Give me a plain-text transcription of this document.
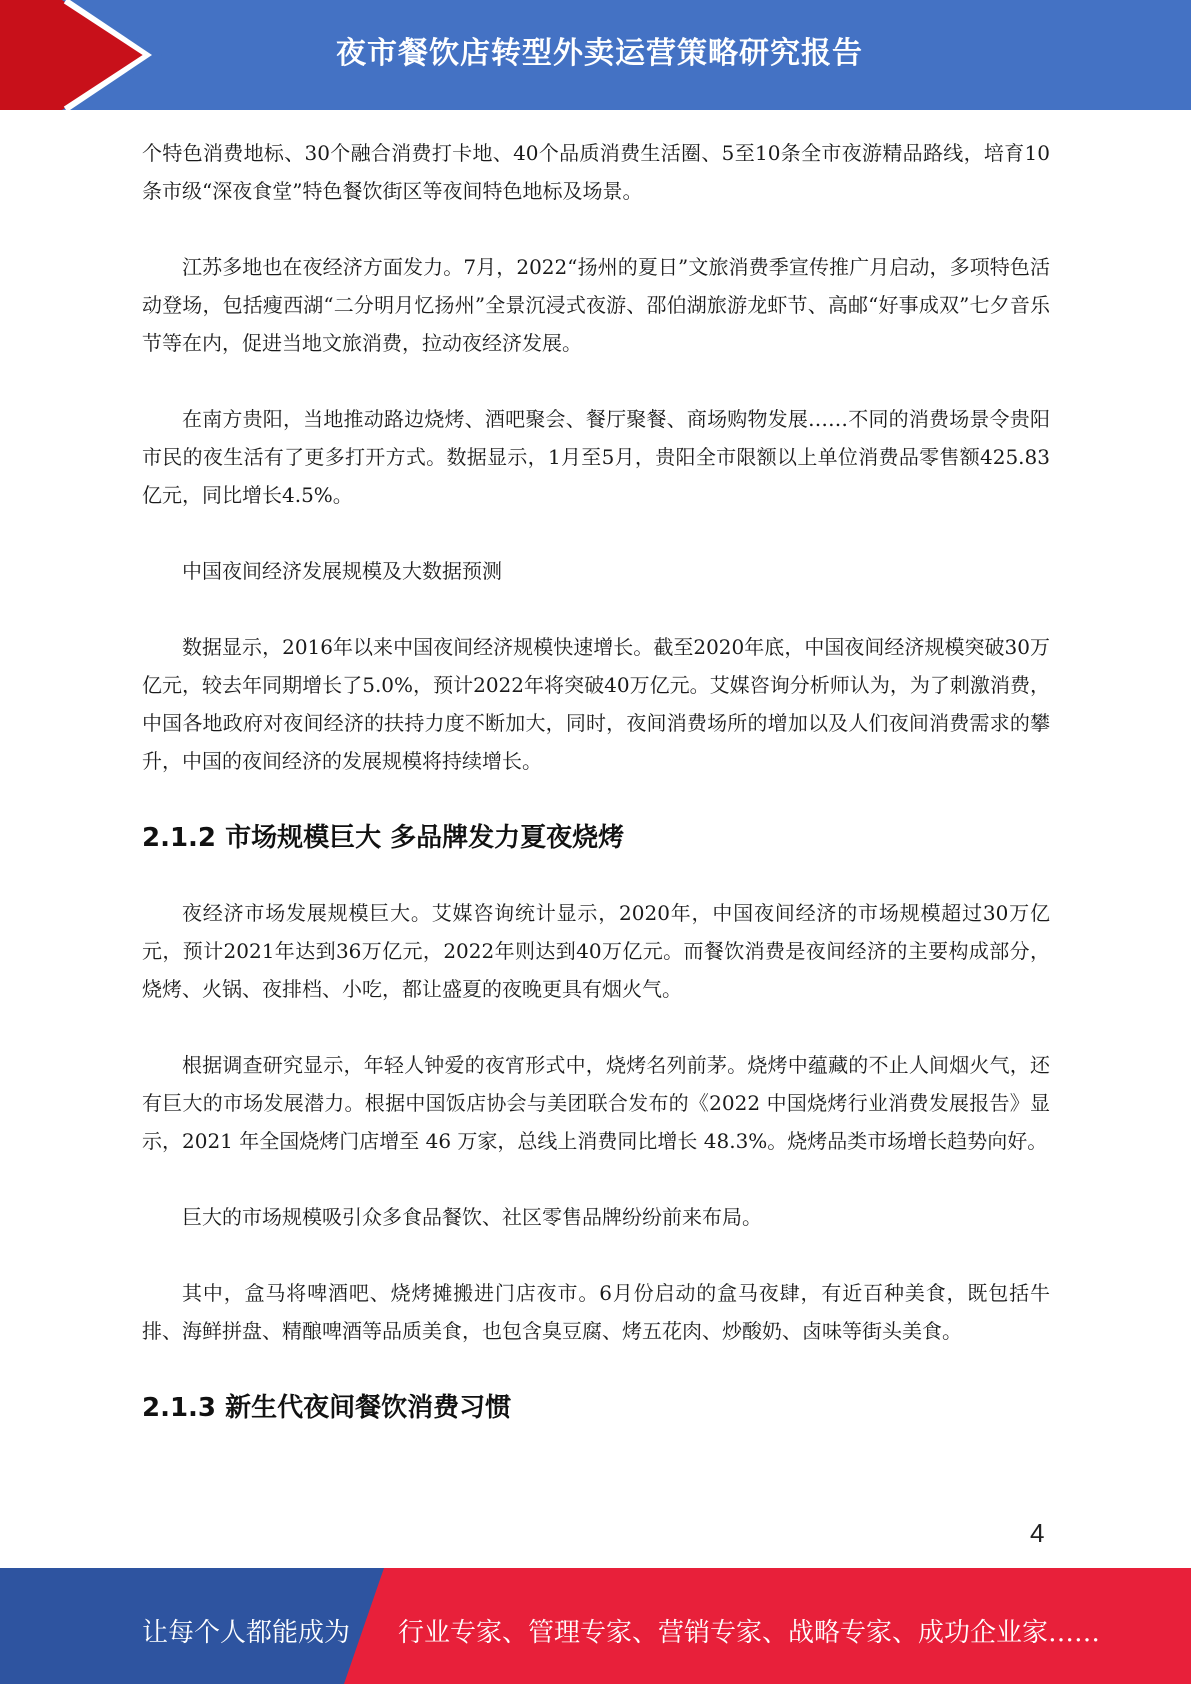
夜市餐饮店转型外卖运营策略研究报告

个特色消费地标、30个融合消费打卡地、40个品质消费生活圈、5至10条全市夜游精品路线，培育10条市级“深夜食堂”特色餐饮街区等夜间特色地标及场景。

江苏多地也在夜经济方面发力。7月，2022“扬州的夏日”文旅消费季宣传推广月启动，多项特色活动登场，包括瘦西湖“二分明月忆扬州”全景沉浸式夜游、邵伯湖旅游龙虾节、高邮“好事成双”七夕音乐节等在内，促进当地文旅消费，拉动夜经济发展。

在南方贵阳，当地推动路边烧烤、酒吧聚会、餐厅聚餐、商场购物发展……不同的消费场景令贵阳市民的夜生活有了更多打开方式。数据显示，1月至5月，贵阳全市限额以上单位消费品零售额425.83亿元，同比增长4.5%。

中国夜间经济发展规模及大数据预测

数据显示，2016年以来中国夜间经济规模快速增长。截至2020年底，中国夜间经济规模突破30万亿元，较去年同期增长了5.0%，预计2022年将突破40万亿元。艾媒咨询分析师认为，为了刺激消费，中国各地政府对夜间经济的扶持力度不断加大，同时，夜间消费场所的增加以及人们夜间消费需求的攀升，中国的夜间经济的发展规模将持续增长。

2.1.2 市场规模巨大 多品牌发力夏夜烧烤

夜经济市场发展规模巨大。艾媒咨询统计显示，2020年，中国夜间经济的市场规模超过30万亿元，预计2021年达到36万亿元，2022年则达到40万亿元。而餐饮消费是夜间经济的主要构成部分，烧烤、火锅、夜排档、小吃，都让盛夏的夜晚更具有烟火气。

根据调查研究显示，年轻人钟爱的夜宵形式中，烧烤名列前茅。烧烤中蕴藏的不止人间烟火气，还有巨大的市场发展潜力。根据中国饭店协会与美团联合发布的《2022 中国烧烤行业消费发展报告》显示，2021 年全国烧烤门店增至 46 万家，总线上消费同比增长 48.3%。烧烤品类市场增长趋势向好。

巨大的市场规模吸引众多食品餐饮、社区零售品牌纷纷前来布局。

其中，盒马将啤酒吧、烧烤摊搬进门店夜市。6月份启动的盒马夜肆，有近百种美食，既包括牛排、海鲜拼盘、精酿啤酒等品质美食，也包含臭豆腐、烤五花肉、炒酸奶、卤味等街头美食。

2.1.3 新生代夜间餐饮消费习惯
4
让每个人都能成为 行业专家、管理专家、营销专家、战略专家、成功企业家……
